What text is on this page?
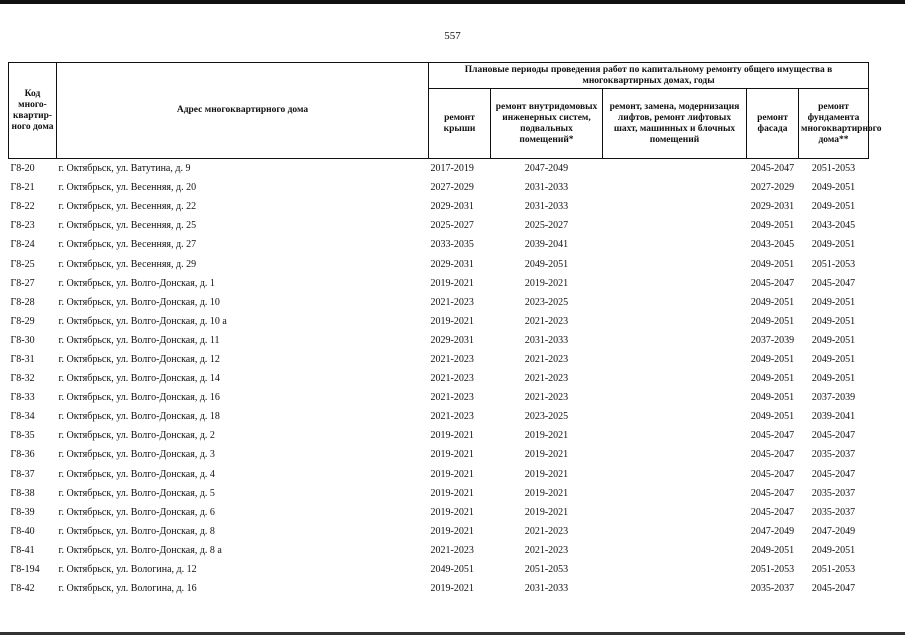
557
Код много-квартир-ного дома	Адрес многоквартирного дома	Плановые периоды проведения работ по капитальному ремонту общего имущества в многоквартирных домах, годы				
		ремонт крыши	ремонт внутридомовых инженерных систем, подвальных помещений*	ремонт, замена, модернизация лифтов, ремонт лифтовых шахт, машинных и блочных помещений	ремонт фасада	ремонт фундамента многоквартирного дома**
Г8-20	г. Октябрьск, ул. Ватутина, д. 9	2017-2019	2047-2049		2045-2047	2051-2053
Г8-21	г. Октябрьск, ул. Весенняя, д. 20	2027-2029	2031-2033		2027-2029	2049-2051
Г8-22	г. Октябрьск, ул. Весенняя, д. 22	2029-2031	2031-2033		2029-2031	2049-2051
Г8-23	г. Октябрьск, ул. Весенняя, д. 25	2025-2027	2025-2027		2049-2051	2043-2045
Г8-24	г. Октябрьск, ул. Весенняя, д. 27	2033-2035	2039-2041		2043-2045	2049-2051
Г8-25	г. Октябрьск, ул. Весенняя, д. 29	2029-2031	2049-2051		2049-2051	2051-2053
Г8-27	г. Октябрьск, ул. Волго-Донская, д. 1	2019-2021	2019-2021		2045-2047	2045-2047
Г8-28	г. Октябрьск, ул. Волго-Донская, д. 10	2021-2023	2023-2025		2049-2051	2049-2051
Г8-29	г. Октябрьск, ул. Волго-Донская, д. 10 а	2019-2021	2021-2023		2049-2051	2049-2051
Г8-30	г. Октябрьск, ул. Волго-Донская, д. 11	2029-2031	2031-2033		2037-2039	2049-2051
Г8-31	г. Октябрьск, ул. Волго-Донская, д. 12	2021-2023	2021-2023		2049-2051	2049-2051
Г8-32	г. Октябрьск, ул. Волго-Донская, д. 14	2021-2023	2021-2023		2049-2051	2049-2051
Г8-33	г. Октябрьск, ул. Волго-Донская, д. 16	2021-2023	2021-2023		2049-2051	2037-2039
Г8-34	г. Октябрьск, ул. Волго-Донская, д. 18	2021-2023	2023-2025		2049-2051	2039-2041
Г8-35	г. Октябрьск, ул. Волго-Донская, д. 2	2019-2021	2019-2021		2045-2047	2045-2047
Г8-36	г. Октябрьск, ул. Волго-Донская, д. 3	2019-2021	2019-2021		2045-2047	2035-2037
Г8-37	г. Октябрьск, ул. Волго-Донская, д. 4	2019-2021	2019-2021		2045-2047	2045-2047
Г8-38	г. Октябрьск, ул. Волго-Донская, д. 5	2019-2021	2019-2021		2045-2047	2035-2037
Г8-39	г. Октябрьск, ул. Волго-Донская, д. 6	2019-2021	2019-2021		2045-2047	2035-2037
Г8-40	г. Октябрьск, ул. Волго-Донская, д. 8	2019-2021	2021-2023		2047-2049	2047-2049
Г8-41	г. Октябрьск, ул. Волго-Донская, д. 8 а	2021-2023	2021-2023		2049-2051	2049-2051
Г8-194	г. Октябрьск, ул. Вологина, д. 12	2049-2051	2051-2053		2051-2053	2051-2053
Г8-42	г. Октябрьск, ул. Вологина, д. 16	2019-2021	2031-2033		2035-2037	2045-2047
